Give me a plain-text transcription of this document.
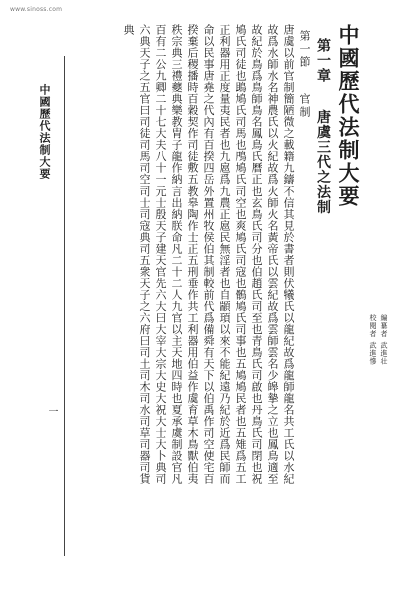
www.sinoss.com
中國歷代法制大要
一
中國歷代法制大要
第一章 　 唐虞三代之法制
第一節 　 官制

唐虞以前官制簡陋微之載籍九鑄不信其見於書者則伏犧氏以龍紀故爲龍師龍名共工氏以水紀故爲水師水名神農氏以火紀故爲火師火名黃帝氏以雲紀故爲雲師雲名少皞摯之立也鳳鳥適至故紀於鳥爲鳥師鳥名鳳鳥氏曆正也玄鳥氏司分也伯趙氏司至也青鳥氏司啟也丹鳥氏司閉也祝鳩氏司徒也鴡鳩氏司馬也鳲鳩氏司空也爽鳩氏司寇也鶻鳩氏司事也五鳩鳩民者也五雉爲五工正利器用正度量夷民者也九扈爲九農正扈民無淫者也自顓頊以來不能紀遠乃紀於近爲民師而命以民事唐堯之代內有百揆四岳外置州牧侯伯其制較前代爲備舜有天下以伯禹作司空使宅百揆棄后稷播時百穀契作司徒敷五教皋陶作士正五刑垂作共工利器用伯益作虞育草木鳥獸伯夷秩宗典三禮夔典樂教胄子龍作納言出納朕命凡二十二人九官以主天地四時也夏承虞制設官凡百有二公九卿二十七大夫八十一元士殷天子建天官先六大曰大宰大宗大史大祝大士大卜典司六典天子之五官曰司徒司馬司空司士司寇典司五衆天子之六府曰司土司木司水司草司器司貨典

編纂者 武進壮
校閱者 武進慘
